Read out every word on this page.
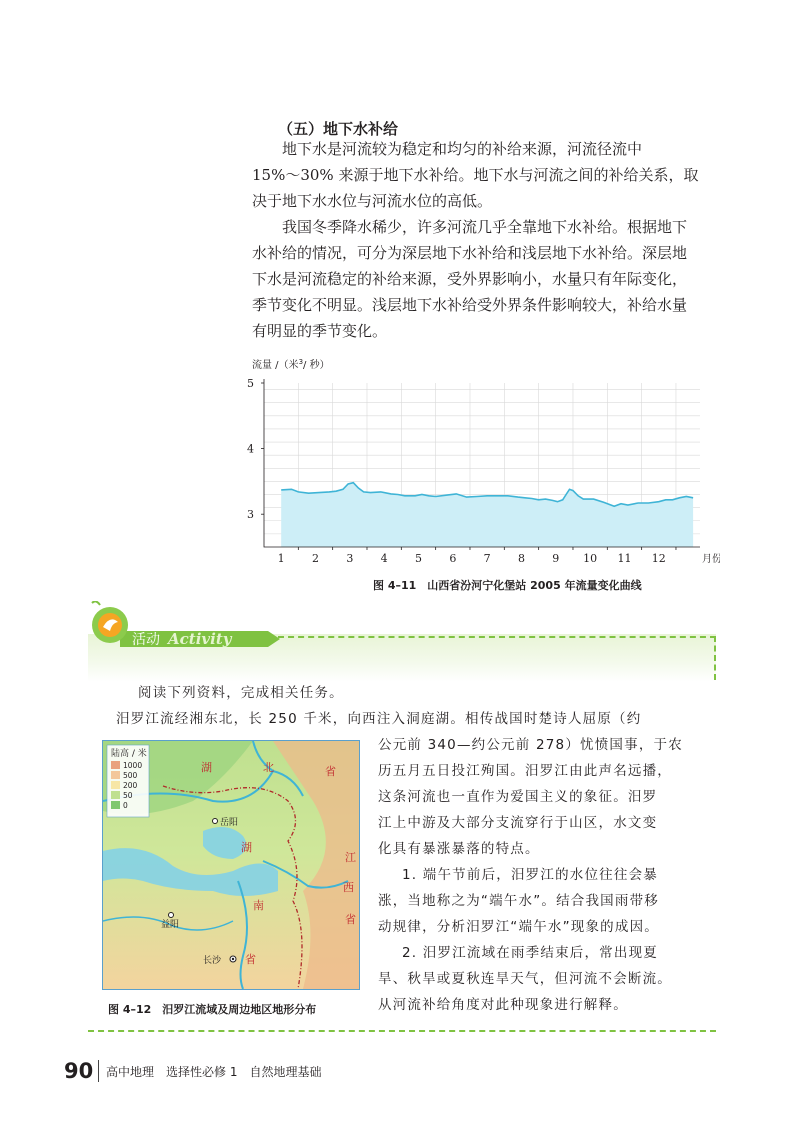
（五）地下水补给
地下水是河流较为稳定和均匀的补给来源，河流径流中
15%～30% 来源于地下水补给。地下水与河流之间的补给关系，取
决于地下水水位与河流水位的高低。
我国冬季降水稀少，许多河流几乎全靠地下水补给。根据地下
水补给的情况，可分为深层地下水补给和浅层地下水补给。深层地
下水是河流稳定的补给来源，受外界影响小，水量只有年际变化，
季节变化不明显。浅层地下水补给受外界条件影响较大，补给水量
有明显的季节变化。
流量 /（米$^3$/ 秒）
5
4
3
1 2 3 4 5 6 7 8 9 10 11 12	月份
图 4–11　山西省汾河宁化堡站 2005 年流量变化曲线
活动 Activity
阅读下列资料，完成相关任务。
汨罗江流经湘东北，长 250 千米，向西注入洞庭湖。相传战国时楚诗人屈原（约
公元前 340—约公元前 278）忧愤国事，于农
历五月五日投江殉国。汨罗江由此声名远播，
这条河流也一直作为爱国主义的象征。汨罗
江上中游及大部分支流穿行于山区，水文变
化具有暴涨暴落的特点。
1. 端午节前后，汨罗江的水位往往会暴
涨，当地称之为“端午水”。结合我国雨带移
动规律，分析汨罗江“端午水”现象的成因。
2. 汨罗江流域在雨季结束后，常出现夏
旱、秋旱或夏秋连旱天气，但河流不会断流。
从河流补给角度对此种现象进行解释。
陆高 / 米
1000
500
200
50
0
湖	北	省
湖
南
省
江
西
省
岳阳
益阳
长沙
图 4–12　汨罗江流域及周边地区地形分布
90 高中地理　选择性必修 1　自然地理基础
